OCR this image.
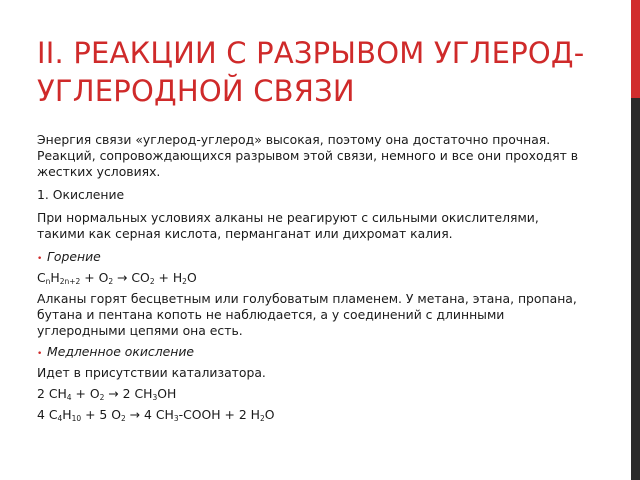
II. РЕАКЦИИ С РАЗРЫВОМ УГЛЕРОД-УГЛЕРОДНОЙ СВЯЗИ

Энергия связи «углерод-углерод» высокая, поэтому она достаточно прочная. Реакций, сопровождающихся разрывом этой связи, немного и все они проходят в жестких условиях.

1. Окисление

При нормальных условиях алканы не реагируют с сильными окислителями, такими как серная кислота, перманганат или дихромат калия.

• Горение

$C_nH_{2n+2} + O_2 \to CO_2 + H_2O$

Алканы горят бесцветным или голубоватым пламенем. У метана, этана, пропана, бутана и пентана копоть не наблюдается, а у соединений с длинными углеродными цепями она есть.

• Медленное окисление

Идет в присутствии катализатора.

2 $CH_4 + O_2 \to 2$ $CH_3OH$

4 $C_4H_{10} + 5$ $O_2 \to 4$ $CH_3$-COOH + 2 $H_2O$
